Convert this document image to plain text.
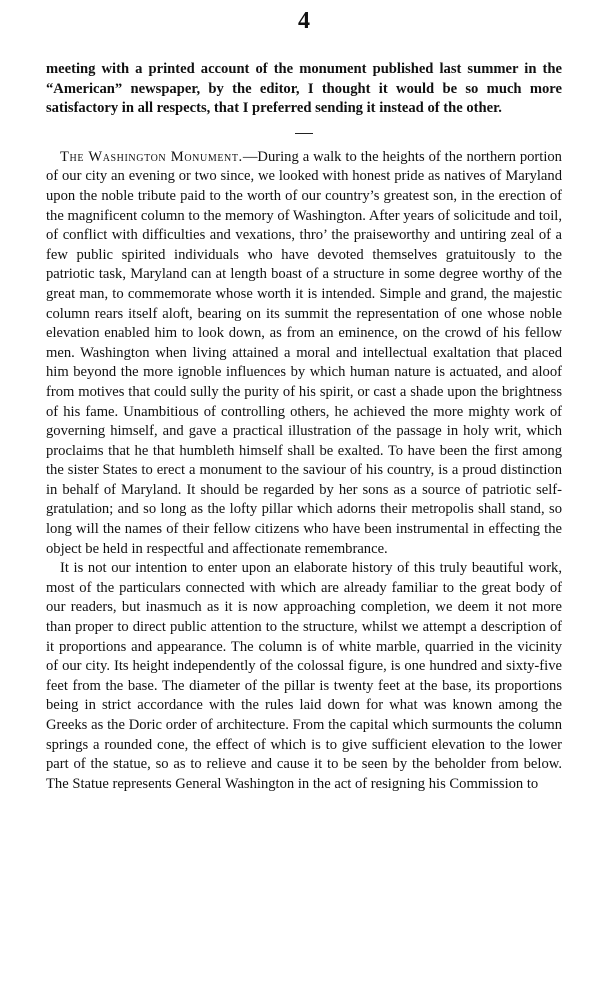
4

meeting with a printed account of the monument published last summer in the “American” newspaper, by the editor, I thought it would be so much more satisfactory in all respects, that I preferred sending it instead of the other.

The Washington Monument.—During a walk to the heights of the northern portion of our city an evening or two since, we looked with honest pride as natives of Maryland upon the noble tribute paid to the worth of our country’s greatest son, in the erection of the magnificent column to the memory of Washington. After years of solicitude and toil, of conflict with difficulties and vexations, thro’ the praiseworthy and untiring zeal of a few public spirited individuals who have devoted themselves gratuitously to the patriotic task, Maryland can at length boast of a structure in some degree worthy of the great man, to commemorate whose worth it is intended. Simple and grand, the majestic column rears itself aloft, bearing on its summit the representation of one whose noble elevation enabled him to look down, as from an eminence, on the crowd of his fellow men. Washington when living attained a moral and intellectual exaltation that placed him beyond the more ignoble influences by which human nature is actuated, and aloof from motives that could sully the purity of his spirit, or cast a shade upon the brightness of his fame. Unambitious of controlling others, he achieved the more mighty work of governing himself, and gave a practical illustration of the passage in holy writ, which proclaims that he that humbleth himself shall be exalted. To have been the first among the sister States to erect a monument to the saviour of his country, is a proud distinction in behalf of Maryland. It should be regarded by her sons as a source of patriotic self-gratulation; and so long as the lofty pillar which adorns their metropolis shall stand, so long will the names of their fellow citizens who have been instrumental in effecting the object be held in respectful and affectionate remembrance.

It is not our intention to enter upon an elaborate history of this truly beautiful work, most of the particulars connected with which are already familiar to the great body of our readers, but inasmuch as it is now approaching completion, we deem it not more than proper to direct public attention to the structure, whilst we attempt a description of it proportions and appearance. The column is of white marble, quarried in the vicinity of our city. Its height independently of the colossal figure, is one hundred and sixty-five feet from the base. The diameter of the pillar is twenty feet at the base, its proportions being in strict accordance with the rules laid down for what was known among the Greeks as the Doric order of architecture. From the capital which surmounts the column springs a rounded cone, the effect of which is to give sufficient elevation to the lower part of the statue, so as to relieve and cause it to be seen by the beholder from below. The Statue represents General Washington in the act of resigning his Commission to
